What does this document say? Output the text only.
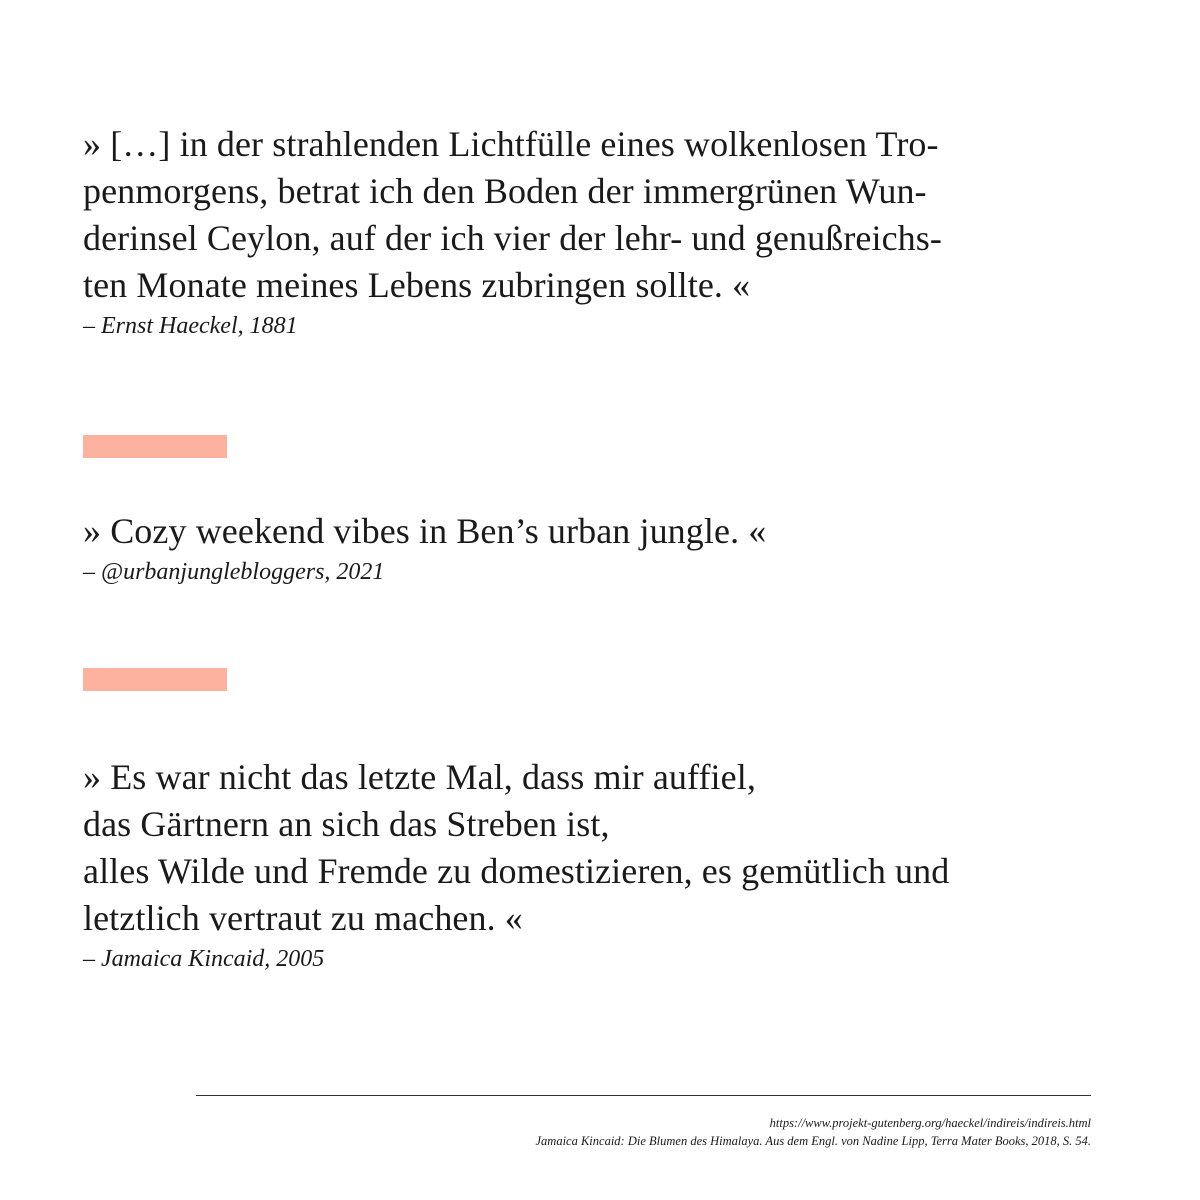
» […] in der strahlenden Lichtfülle eines wolkenlosen Tro-
penmorgens, betrat ich den Boden der immergrünen Wun-
derinsel Ceylon, auf der ich vier der lehr- und genußreichs-
ten Monate meines Lebens zubringen sollte. «

– Ernst Haeckel, 1881

» Cozy weekend vibes in Ben’s urban jungle. «

– @urbanjunglebloggers, 2021

» Es war nicht das letzte Mal, dass mir auffiel,
das Gärtnern an sich das Streben ist,
alles Wilde und Fremde zu domestizieren, es gemütlich und
letztlich vertraut zu machen. «

– Jamaica Kincaid, 2005

https://www.projekt-gutenberg.org/haeckel/indireis/indireis.html
Jamaica Kincaid: Die Blumen des Himalaya. Aus dem Engl. von Nadine Lipp, Terra Mater Books, 2018, S. 54.
